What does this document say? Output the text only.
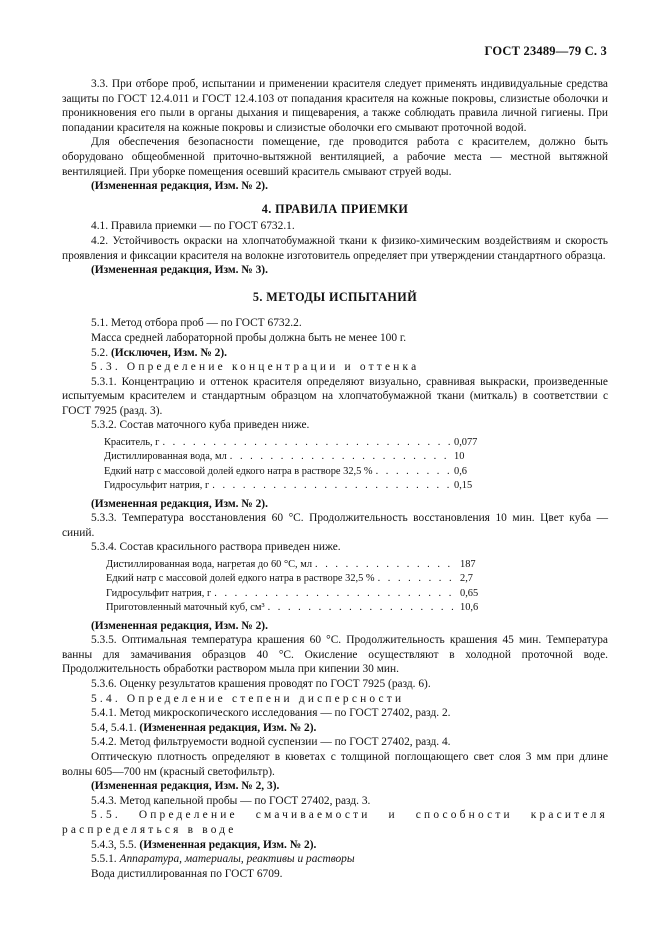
ГОСТ 23489—79 С. 3

3.3. При отборе проб, испытании и применении красителя следует применять индивидуальные средства защиты по ГОСТ 12.4.011 и ГОСТ 12.4.103 от попадания красителя на кожные покровы, слизистые оболочки и проникновения его пыли в органы дыхания и пищеварения, а также соблюдать правила личной гигиены. При попадании красителя на кожные покровы и слизистые оболочки его смывают проточной водой.

Для обеспечения безопасности помещение, где проводится работа с красителем, должно быть оборудовано общеобменной приточно-вытяжной вентиляцией, а рабочие места — местной вытяжной вентиляцией. При уборке помещения осевший краситель смывают струей воды.

(Измененная редакция, Изм. № 2).

4. ПРАВИЛА ПРИЕМКИ

4.1. Правила приемки — по ГОСТ 6732.1.

4.2. Устойчивость окраски на хлопчатобумажной ткани к физико-химическим воздействиям и скорость проявления и фиксации красителя на волокне изготовитель определяет при утверждении стандартного образца.

(Измененная редакция, Изм. № 3).

5. МЕТОДЫ ИСПЫТАНИЙ

5.1. Метод отбора проб — по ГОСТ 6732.2.

Масса средней лабораторной пробы должна быть не менее 100 г.

5.2. (Исключен, Изм. № 2).

5.3. Определение концентрации и оттенка

5.3.1. Концентрацию и оттенок красителя определяют визуально, сравнивая выкраски, произведенные испытуемым красителем и стандартным образцом на хлопчатобумажной ткани (миткаль) в соответствии с ГОСТ 7925 (разд. 3).

5.3.2. Состав маточного куба приведен ниже.

Краситель, г . . .	0,077
Дистиллированная вода, мл . . .	10
Едкий натр с массовой долей едкого натра в растворе 32,5 % . . .	0,6
Гидросульфит натрия, г . . .	0,15

(Измененная редакция, Изм. № 2).

5.3.3. Температура восстановления 60 °С. Продолжительность восстановления 10 мин. Цвет куба — синий.

5.3.4. Состав красильного раствора приведен ниже.

Дистиллированная вода, нагретая до 60 °С, мл . . .	187
Едкий натр с массовой долей едкого натра в растворе 32,5 % . . .	2,7
Гидросульфит натрия, г . . .	0,65
Приготовленный маточный куб, см³ . . .	10,6

(Измененная редакция, Изм. № 2).

5.3.5. Оптимальная температура крашения 60 °С. Продолжительность крашения 45 мин. Температура ванны для замачивания образцов 40 °С. Окисление осуществляют в холодной проточной воде. Продолжительность обработки раствором мыла при кипении 30 мин.

5.3.6. Оценку результатов крашения проводят по ГОСТ 7925 (разд. 6).

5.4. Определение степени дисперсности

5.4.1. Метод микроскопического исследования — по ГОСТ 27402, разд. 2.

5.4, 5.4.1. (Измененная редакция, Изм. № 2).

5.4.2. Метод фильтруемости водной суспензии — по ГОСТ 27402, разд. 4.

Оптическую плотность определяют в кюветах с толщиной поглощающего свет слоя 3 мм при длине волны 605—700 нм (красный светофильтр).

(Измененная редакция, Изм. № 2, 3).

5.4.3. Метод капельной пробы — по ГОСТ 27402, разд. 3.

5.5. Определение смачиваемости и способности красителя распределяться в воде

5.4.3, 5.5. (Измененная редакция, Изм. № 2).

5.5.1. Аппаратура, материалы, реактивы и растворы

Вода дистиллированная по ГОСТ 6709.
